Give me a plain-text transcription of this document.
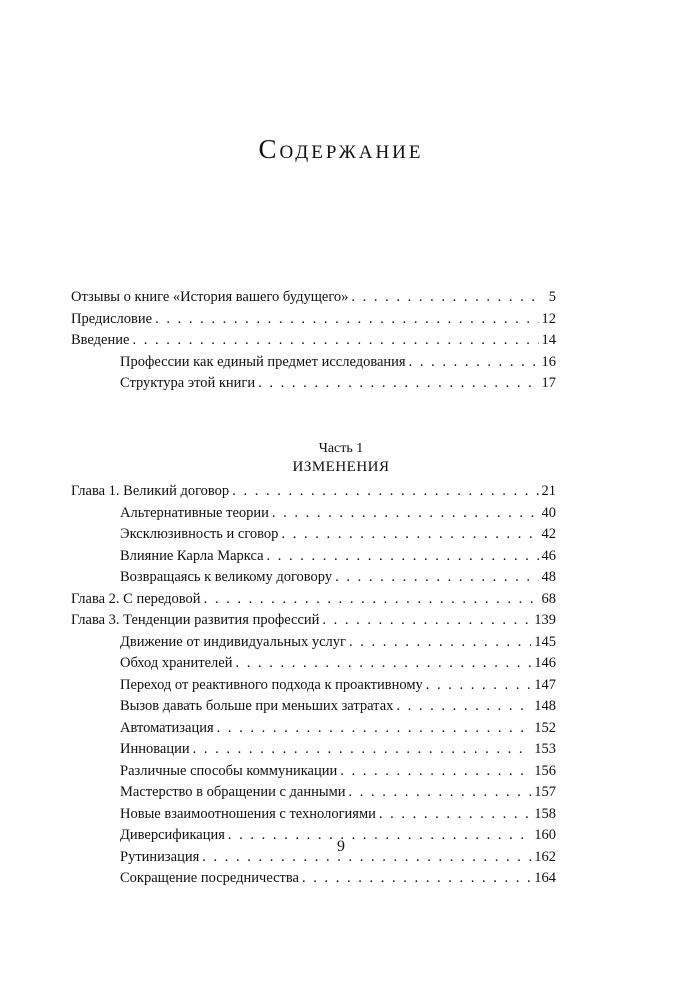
Содержание
Отзывы о книге «История вашего будущего» . . .	5
Предисловие . . .	12
Введение . . .	14
Профессии как единый предмет исследования . . .	16
Структура этой книги . . .	17
Часть 1
ИЗМЕНЕНИЯ
Глава 1. Великий договор . . .	21
Альтернативные теории . . .	40
Эксклюзивность и сговор . . .	42
Влияние Карла Маркса . . .	46
Возвращаясь к великому договору . . .	48
Глава 2. С передовой . . .	68
Глава 3. Тенденции развития профессий . . .	139
Движение от индивидуальных услуг . . .	145
Обход хранителей . . .	146
Переход от реактивного подхода к проактивному . . .	147
Вызов давать больше при меньших затратах . . .	148
Автоматизация . . .	152
Инновации . . .	153
Различные способы коммуникации . . .	156
Мастерство в обращении с данными . . .	157
Новые взаимоотношения с технологиями . . .	158
Диверсификация . . .	160
Рутинизация . . .	162
Сокращение посредничества . . .	164
9
